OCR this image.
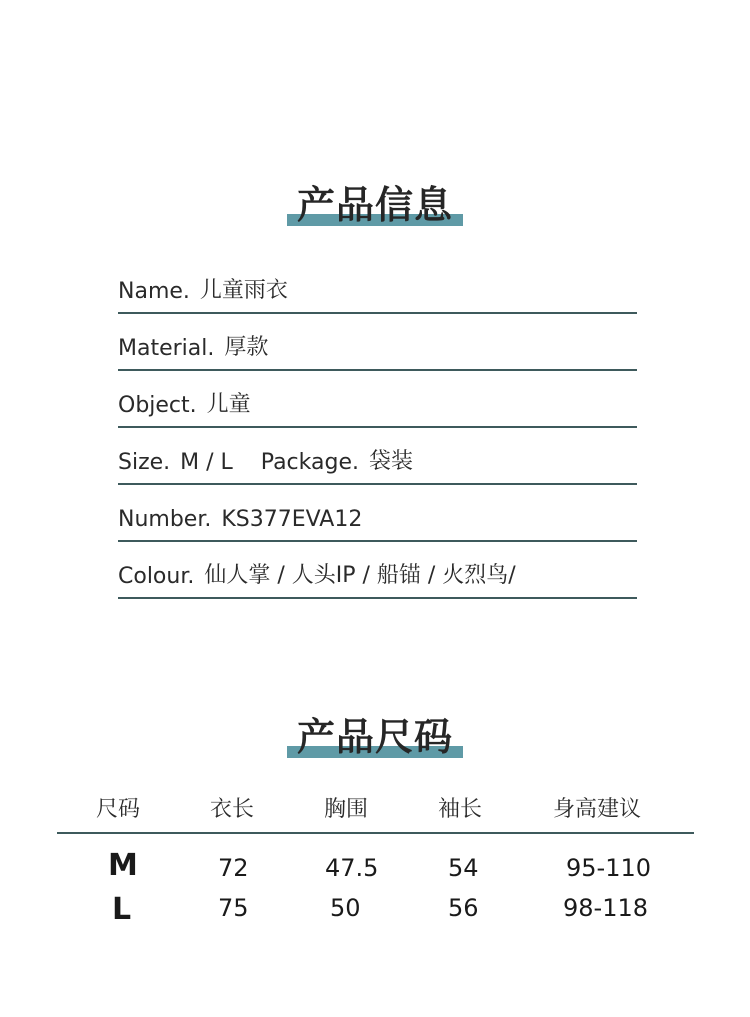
产品信息
Name. 儿童雨衣
Material. 厚款
Object. 儿童
Size. M / L Package. 袋装
Number. KS377EVA12
Colour. 仙人掌 / 人头IP / 船锚 / 火烈鸟/
产品尺码
尺码	衣长	胸围	袖长	身高建议
M	72	47.5	54	95-110
L	75	50	56	98-118
